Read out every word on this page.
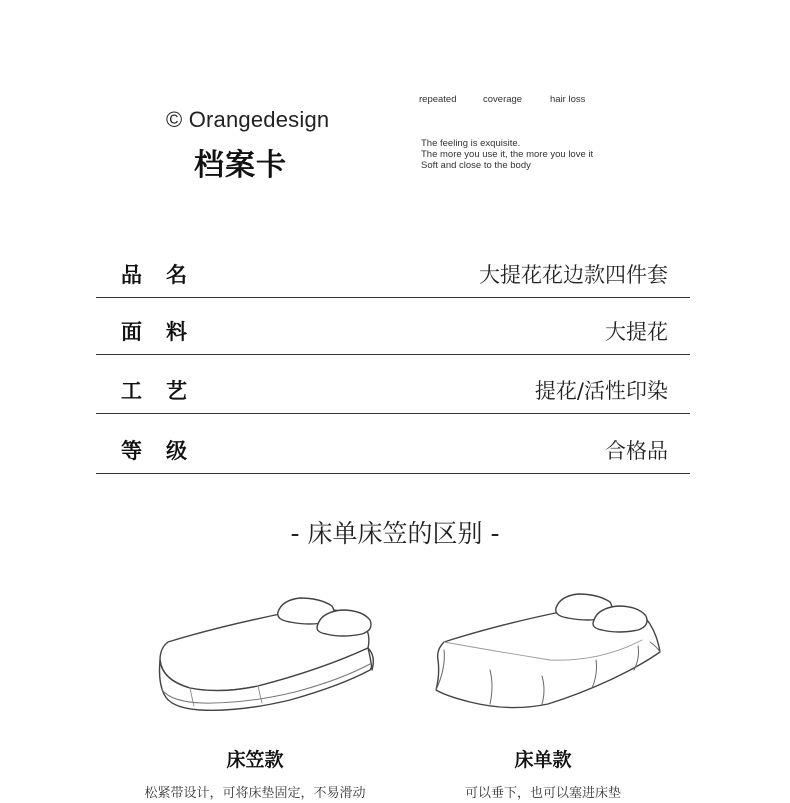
© Orangedesign
档案卡
repeated	coverage	hair loss
The feeling is exquisite.
The more you use it, the more you love it
Soft and close to the body
品名	大提花花边款四件套
面料	大提花
工艺	提花/活性印染
等级	合格品
- 床单床笠的区别 -
床笠款
松紧带设计，可将床垫固定，不易滑动
床单款
可以垂下，也可以塞进床垫
